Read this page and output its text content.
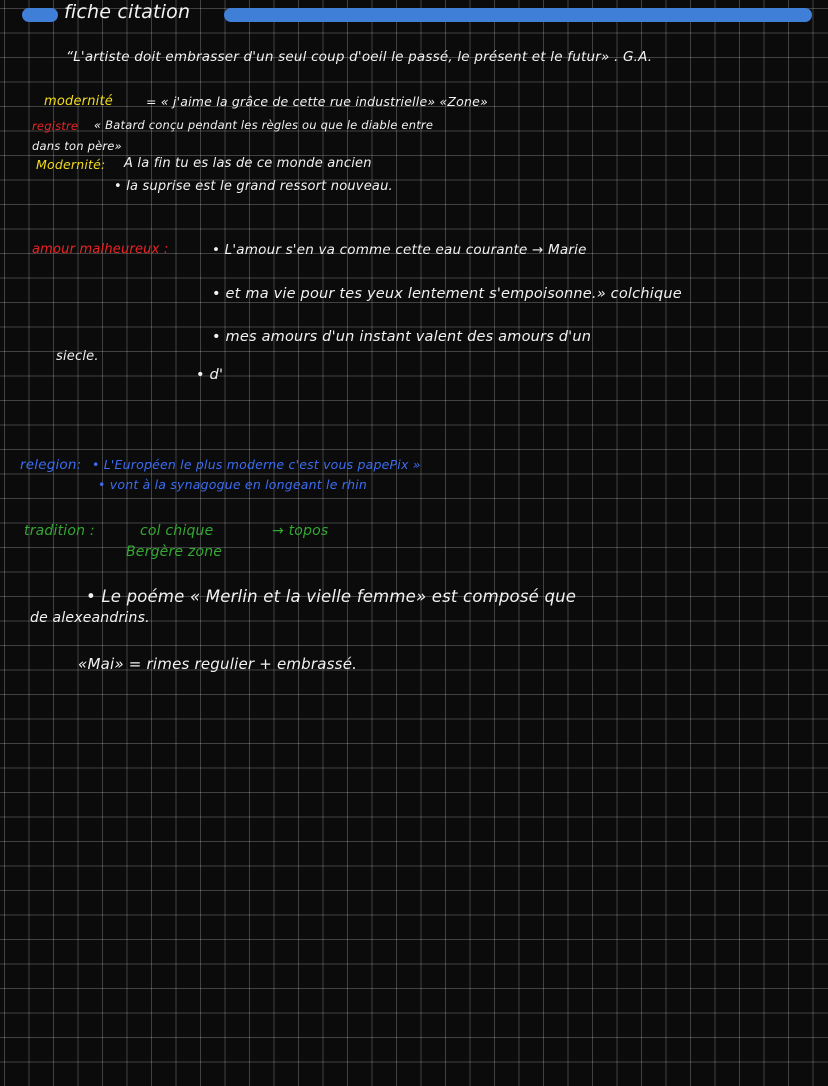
fiche citation
“L'artiste doit embrasser d'un seul coup d'oeil le passé, le présent et le futur» . G.A.
modernité	= « j'aime la grâce de cette rue industrielle» «Zone»
registre « Batard conçu pendant les règles ou que le diable entre
dans ton père»
Modernité: A la fin tu es las de ce monde ancien
• la suprise est le grand ressort nouveau.
amour malheureux :	• L'amour s'en va comme cette eau courante → Marie
• et ma vie pour tes yeux lentement s'empoisonne.» colchique
• mes amours d'un instant valent des amours d'un
siecle.
• d'
relegion: • L'Européen le plus moderne c'est vous papePix »
• vont à la synagogue en longeant le rhin
tradition :	col chique	→ topos
Bergère zone
• Le poéme « Merlin et la vielle femme» est composé que
de alexeandrins.
«Mai» = rimes regulier + embrassé.
